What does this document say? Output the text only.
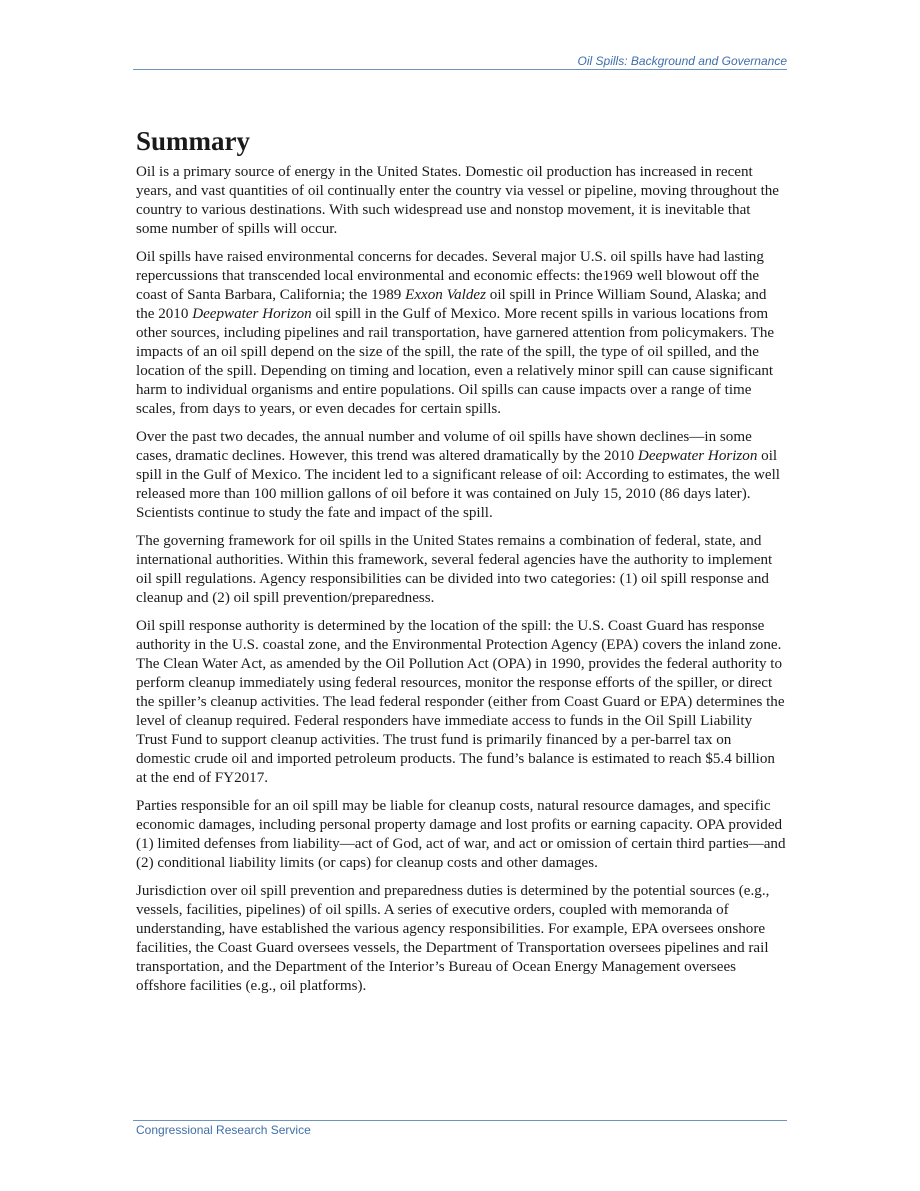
Oil Spills: Background and Governance
Summary

Oil is a primary source of energy in the United States. Domestic oil production has increased in recent years, and vast quantities of oil continually enter the country via vessel or pipeline, moving throughout the country to various destinations. With such widespread use and nonstop movement, it is inevitable that some number of spills will occur.

Oil spills have raised environmental concerns for decades. Several major U.S. oil spills have had lasting repercussions that transcended local environmental and economic effects: the1969 well blowout off the coast of Santa Barbara, California; the 1989 Exxon Valdez oil spill in Prince William Sound, Alaska; and the 2010 Deepwater Horizon oil spill in the Gulf of Mexico. More recent spills in various locations from other sources, including pipelines and rail transportation, have garnered attention from policymakers. The impacts of an oil spill depend on the size of the spill, the rate of the spill, the type of oil spilled, and the location of the spill. Depending on timing and location, even a relatively minor spill can cause significant harm to individual organisms and entire populations. Oil spills can cause impacts over a range of time scales, from days to years, or even decades for certain spills.

Over the past two decades, the annual number and volume of oil spills have shown declines—in some cases, dramatic declines. However, this trend was altered dramatically by the 2010 Deepwater Horizon oil spill in the Gulf of Mexico. The incident led to a significant release of oil: According to estimates, the well released more than 100 million gallons of oil before it was contained on July 15, 2010 (86 days later). Scientists continue to study the fate and impact of the spill.

The governing framework for oil spills in the United States remains a combination of federal, state, and international authorities. Within this framework, several federal agencies have the authority to implement oil spill regulations. Agency responsibilities can be divided into two categories: (1) oil spill response and cleanup and (2) oil spill prevention/preparedness.

Oil spill response authority is determined by the location of the spill: the U.S. Coast Guard has response authority in the U.S. coastal zone, and the Environmental Protection Agency (EPA) covers the inland zone. The Clean Water Act, as amended by the Oil Pollution Act (OPA) in 1990, provides the federal authority to perform cleanup immediately using federal resources, monitor the response efforts of the spiller, or direct the spiller’s cleanup activities. The lead federal responder (either from Coast Guard or EPA) determines the level of cleanup required. Federal responders have immediate access to funds in the Oil Spill Liability Trust Fund to support cleanup activities. The trust fund is primarily financed by a per-barrel tax on domestic crude oil and imported petroleum products. The fund’s balance is estimated to reach $5.4 billion at the end of FY2017.

Parties responsible for an oil spill may be liable for cleanup costs, natural resource damages, and specific economic damages, including personal property damage and lost profits or earning capacity. OPA provided (1) limited defenses from liability—act of God, act of war, and act or omission of certain third parties—and (2) conditional liability limits (or caps) for cleanup costs and other damages.

Jurisdiction over oil spill prevention and preparedness duties is determined by the potential sources (e.g., vessels, facilities, pipelines) of oil spills. A series of executive orders, coupled with memoranda of understanding, have established the various agency responsibilities. For example, EPA oversees onshore facilities, the Coast Guard oversees vessels, the Department of Transportation oversees pipelines and rail transportation, and the Department of the Interior’s Bureau of Ocean Energy Management oversees offshore facilities (e.g., oil platforms).

Congressional Research Service
